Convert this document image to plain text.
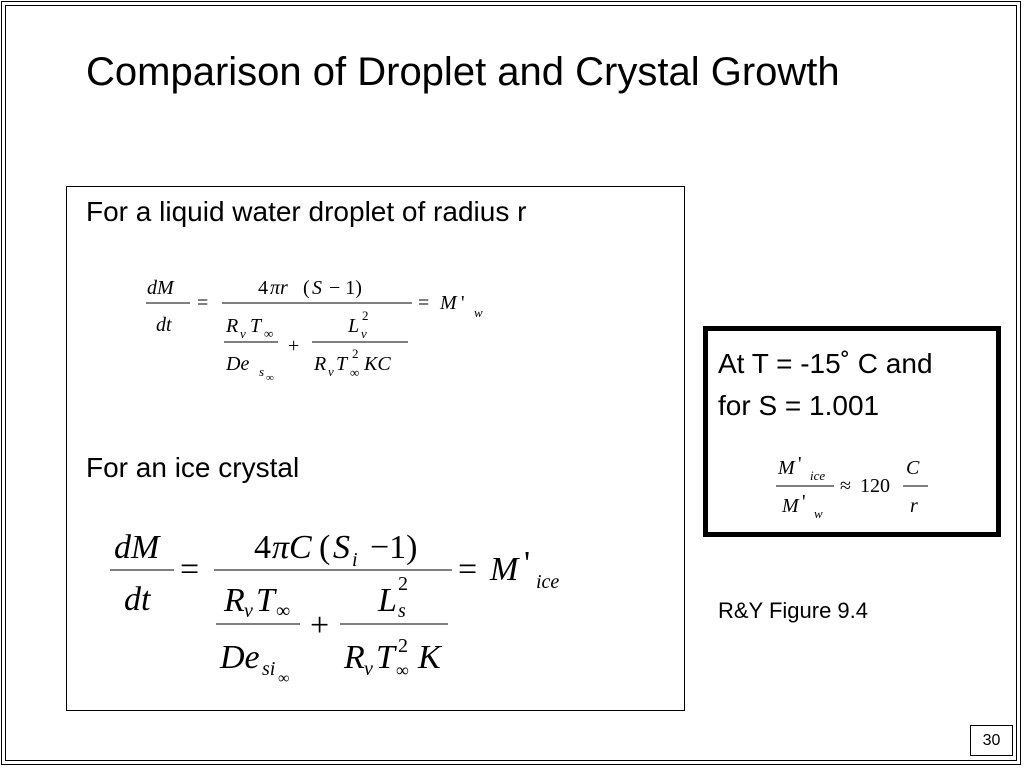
Comparison of Droplet and Crystal Growth
For a liquid water droplet of radius r
dM
dt
=
4 πr ( S − 1)
R v T ∞
De s ∞
+
L 2
v
R v T 2
∞ KC
= M ' w
For an ice crystal
dM
dt
=
4 πC ( S i −1)
R v T ∞
De si ∞
+
L 2
s
R v T 2
∞ K
= M ' ice
At T = -15˚ C and
for S = 1.001
M '
ice
M '
w
≈ 120
C
r
R&Y Figure 9.4
30
